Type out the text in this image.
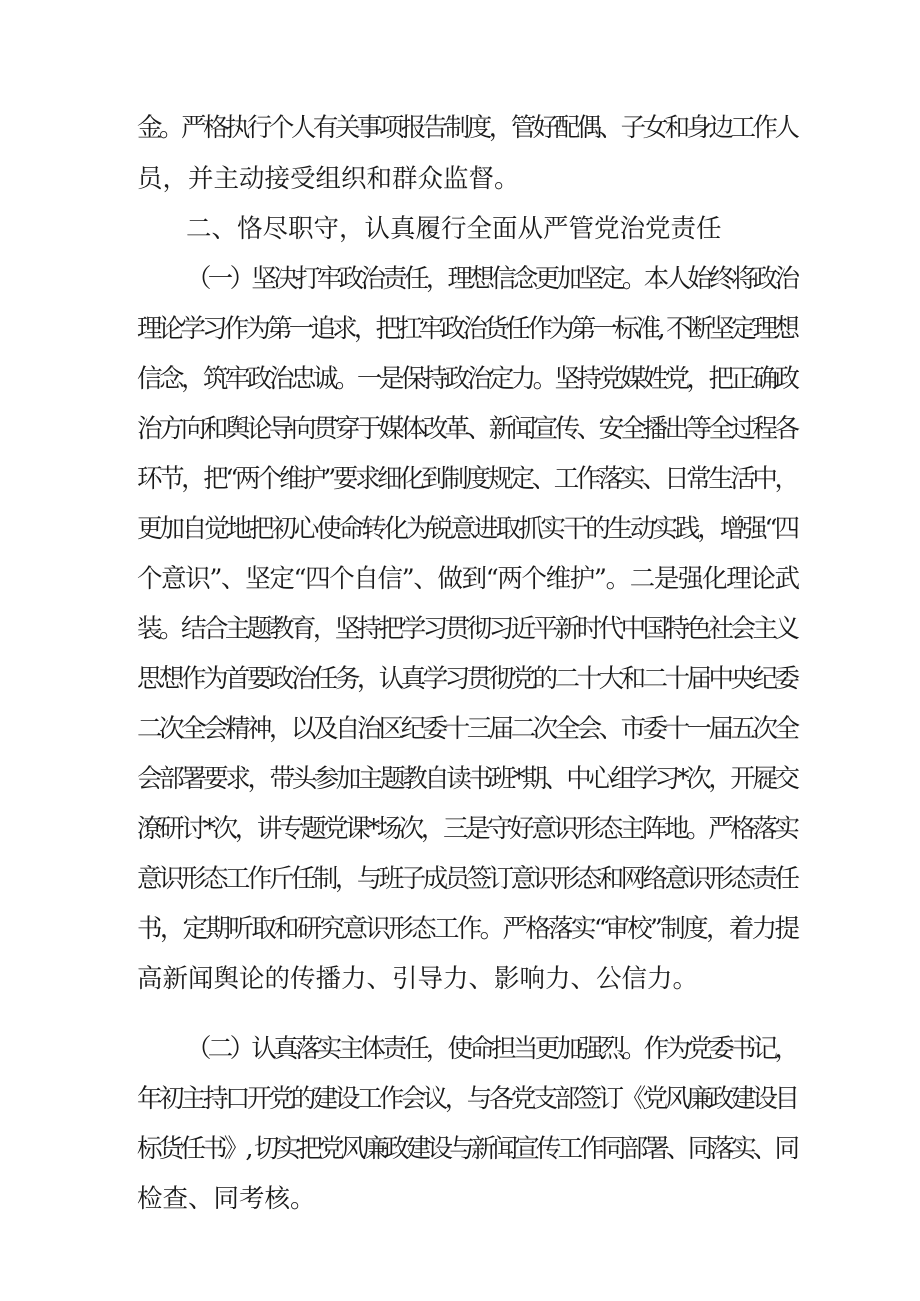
金。严格执行个人有关事项报告制度，管好配偶、子女和身边工作人
员，并主动接受组织和群众监督。
二、恪尽职守，认真履行全面从严管党治党责任
（一）坚决打牢政治责任，理想信念更加坚定。本人始终将政治
理论学习作为第一追求，把扛牢政治货任作为第一标准, 不断坚定理想
信念，筑牢政治忠诚。一是保持政治定力。坚持党媒姓党，把正确政
治方向和舆论导向贯穿于媒体改革、新闻宣传、安全播出等全过程各
环节，把“两个维护”要求细化到制度规定、工作落实、日常生活中，
更加自觉地把初心使命转化为锐意进取抓实干的生动实践，增强“四
个意识”、坚定“四个自信”、做到“两个维护”。二是强化理论武
装。结合主题教育，坚持把学习贯彻习近平新时代中国特色社会主义
思想作为首要政治任务，认真学习贯彻党的二十大和二十届中央纪委
二次全会精神，以及自治区纪委十三届二次全会、市委十一届五次全
会部署要求，带头参加主题教自读书班*期、中心组学习*次，开屣交
潦研讨*次，讲专题党课*场次，三是守好意识形态主阵地。严格落实
意识形态工作斤任制，与班子成员签订意识形态和网络意识形态责任
书，定期听取和研究意识形态工作。严格落实“审校”制度，着力提
高新闻舆论的传播力、引导力、影响力、公信力。
（二）认真落实主体责任，使命担当更加强烈。作为党委书记，
年初主持口开党的建设工作会议，与各党支部签订《党风廉政建设目
标货任书》, 切实把党风廉政建设与新闻宣传工作同部署、同落实、同
检查、同考核。
